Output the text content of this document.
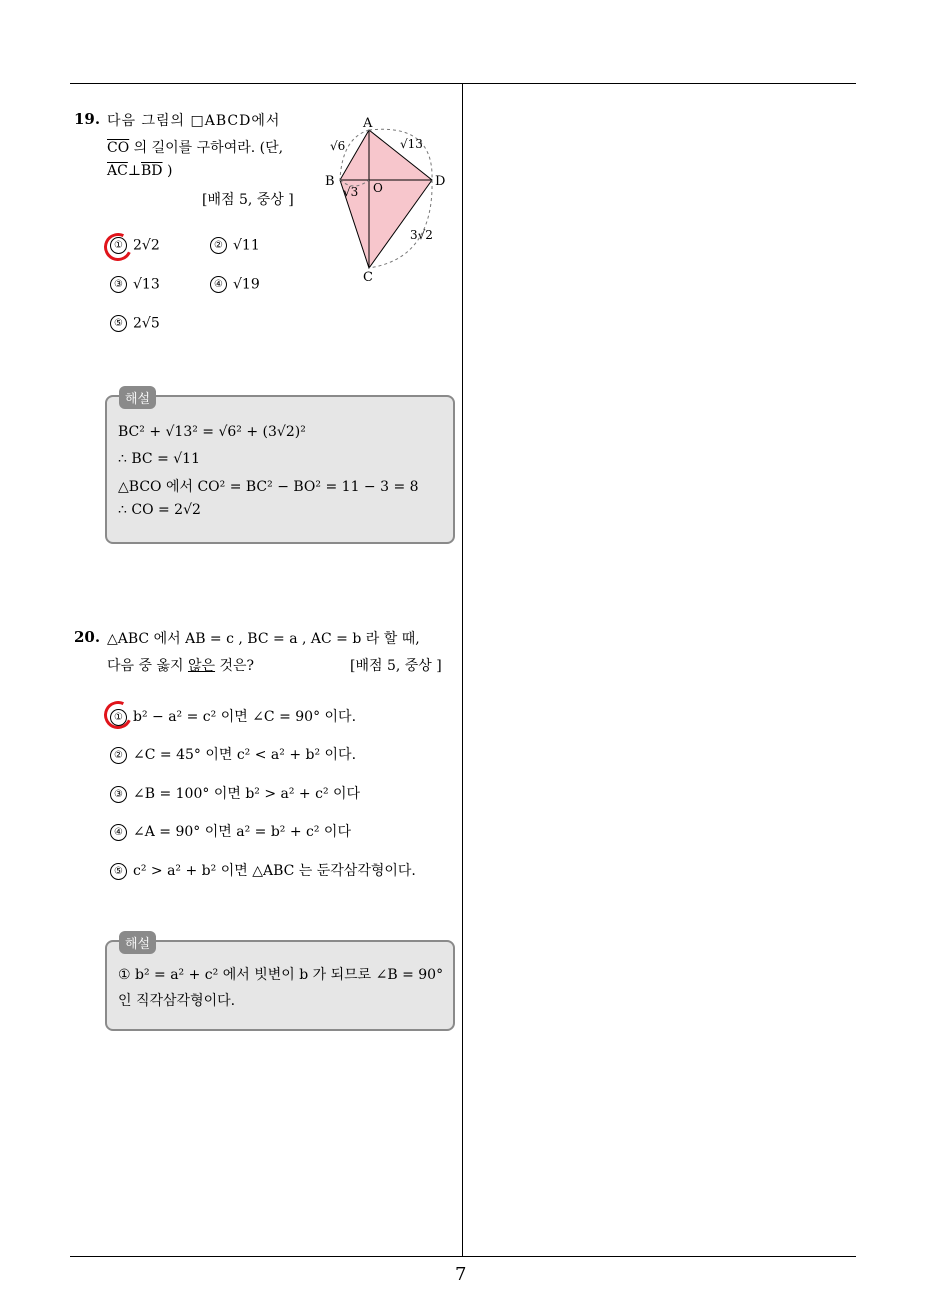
19. 다음 그림의 □ABCD에서
$\overline{CO}$ 의 길이를 구하여라. (단,
$\overline{AC}\perp\overline{BD}$ )
[배점 5, 중상 ]
A
B
C
D
O
√6	√13
√3
3√2
① 2√2	② √11
③ √13	④ √19
⑤ 2√5
해설
BC² + √13² = √6² + (3√2)²
∴ BC = √11
△BCO 에서 CO² = BC² − BO² = 11 − 3 = 8
∴ CO = 2√2
20. △ABC 에서 AB = c , BC = a , AC = b 라 할 때,
다음 중 옳지 않은 것은?	[배점 5, 중상 ]
① b² − a² = c² 이면 ∠C = 90° 이다.
② ∠C = 45° 이면 c² < a² + b² 이다.
③ ∠B = 100° 이면 b² > a² + c² 이다
④ ∠A = 90° 이면 a² = b² + c² 이다
⑤ c² > a² + b² 이면 △ABC 는 둔각삼각형이다.
해설
① b² = a² + c² 에서 빗변이 b 가 되므로 ∠B = 90°
인 직각삼각형이다.
7
